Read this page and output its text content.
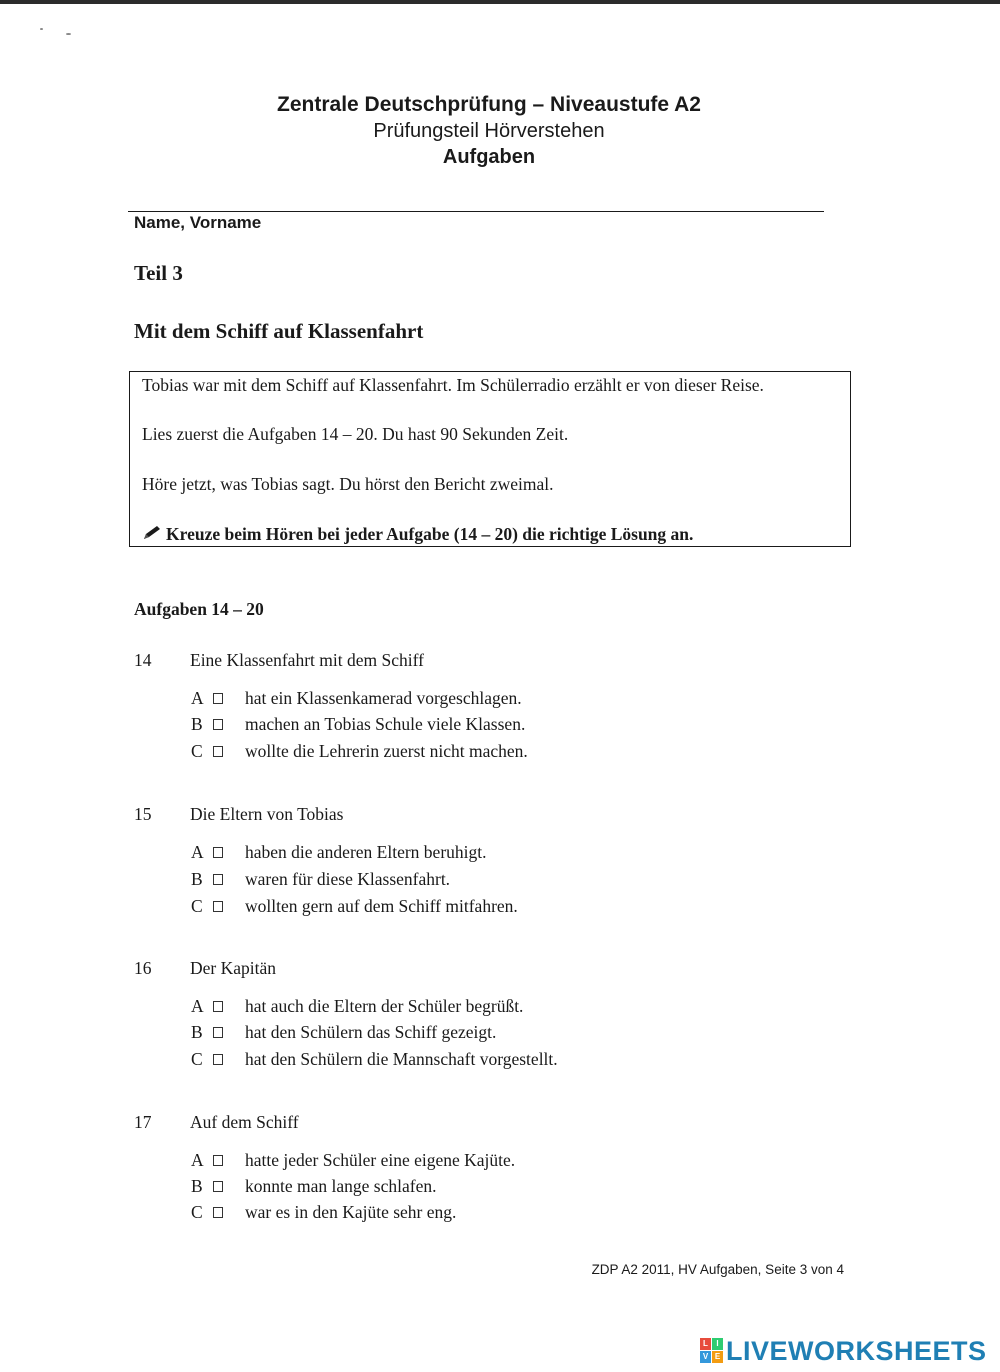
Zentrale Deutschprüfung – Niveaustufe A2
Prüfungsteil Hörverstehen
Aufgaben
Name, Vorname
Teil 3
Mit dem Schiff auf Klassenfahrt
Tobias war mit dem Schiff auf Klassenfahrt. Im Schülerradio erzählt er von dieser Reise.
Lies zuerst die Aufgaben 14 – 20. Du hast 90 Sekunden Zeit.
Höre jetzt, was Tobias sagt. Du hörst den Bericht zweimal.
Kreuze beim Hören bei jeder Aufgabe (14 – 20) die richtige Lösung an.
Aufgaben 14 – 20
14 Eine Klassenfahrt mit dem Schiff
A hat ein Klassenkamerad vorgeschlagen.
B machen an Tobias Schule viele Klassen.
C wollte die Lehrerin zuerst nicht machen.
15 Die Eltern von Tobias
A haben die anderen Eltern beruhigt.
B waren für diese Klassenfahrt.
C wollten gern auf dem Schiff mitfahren.
16 Der Kapitän
A hat auch die Eltern der Schüler begrüßt.
B hat den Schülern das Schiff gezeigt.
C hat den Schülern die Mannschaft vorgestellt.
17 Auf dem Schiff
A hatte jeder Schüler eine eigene Kajüte.
B konnte man lange schlafen.
C war es in den Kajüte sehr eng.
ZDP A2 2011, HV Aufgaben, Seite 3 von 4
L	I
V E LIVEWORKSHEETS
